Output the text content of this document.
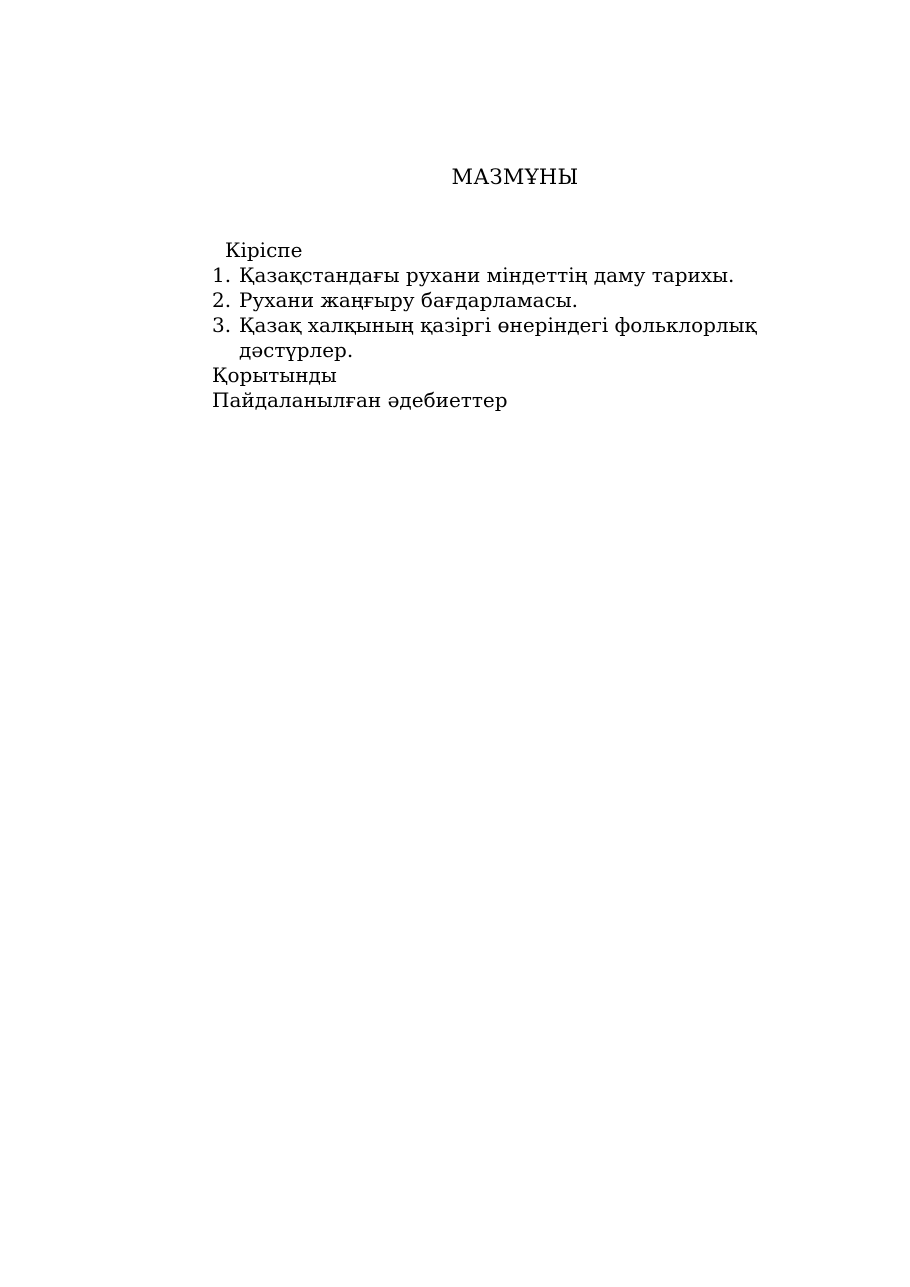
МАЗМҰНЫ
Кіріспе
1. Қазақстандағы рухани міндеттің даму тарихы.
2. Рухани жаңғыру бағдарламасы.
3. Қазақ халқының қазіргі өнеріндегі фольклорлық дәстүрлер.
Қорытынды
Пайдаланылған әдебиеттер
